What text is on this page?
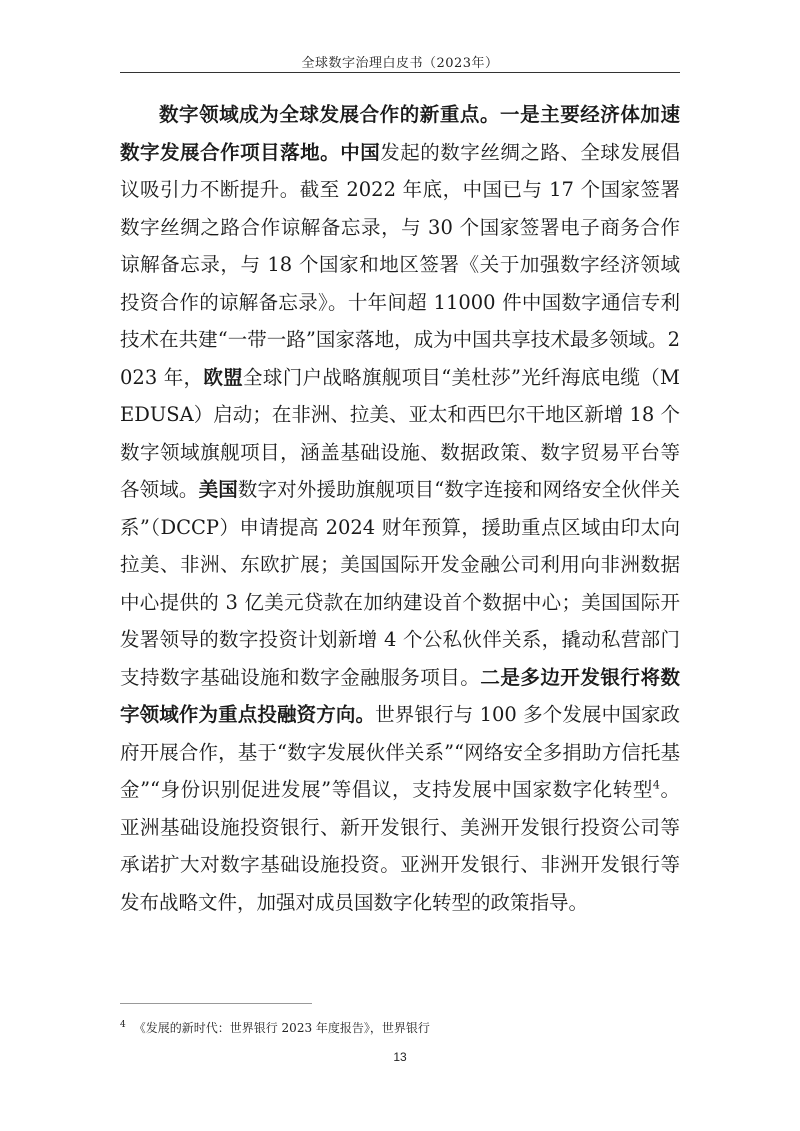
全球数字治理白皮书（2023年）

数字领域成为全球发展合作的新重点。一是主要经济体加速数字发展合作项目落地。中国发起的数字丝绸之路、全球发展倡议吸引力不断提升。截至 2022 年底，中国已与 17 个国家签署数字丝绸之路合作谅解备忘录，与 30 个国家签署电子商务合作谅解备忘录，与 18 个国家和地区签署《关于加强数字经济领域投资合作的谅解备忘录》。十年间超 11000 件中国数字通信专利技术在共建“一带一路”国家落地，成为中国共享技术最多领域。2023 年，欧盟全球门户战略旗舰项目“美杜莎”光纤海底电缆（MEDUSA）启动；在非洲、拉美、亚太和西巴尔干地区新增 18 个数字领域旗舰项目，涵盖基础设施、数据政策、数字贸易平台等各领域。美国数字对外援助旗舰项目“数字连接和网络安全伙伴关系”（DCCP）申请提高 2024 财年预算，援助重点区域由印太向拉美、非洲、东欧扩展；美国国际开发金融公司利用向非洲数据中心提供的 3 亿美元贷款在加纳建设首个数据中心；美国国际开发署领导的数字投资计划新增 4 个公私伙伴关系，撬动私营部门支持数字基础设施和数字金融服务项目。二是多边开发银行将数字领域作为重点投融资方向。世界银行与 100 多个发展中国家政府开展合作，基于“数字发展伙伴关系”“网络安全多捐助方信托基金”“身份识别促进发展”等倡议，支持发展中国家数字化转型$^4$。亚洲基础设施投资银行、新开发银行、美洲开发银行投资公司等承诺扩大对数字基础设施投资。亚洲开发银行、非洲开发银行等发布战略文件，加强对成员国数字化转型的政策指导。

$^4$ 《发展的新时代：世界银行 2023 年度报告》，世界银行
13
